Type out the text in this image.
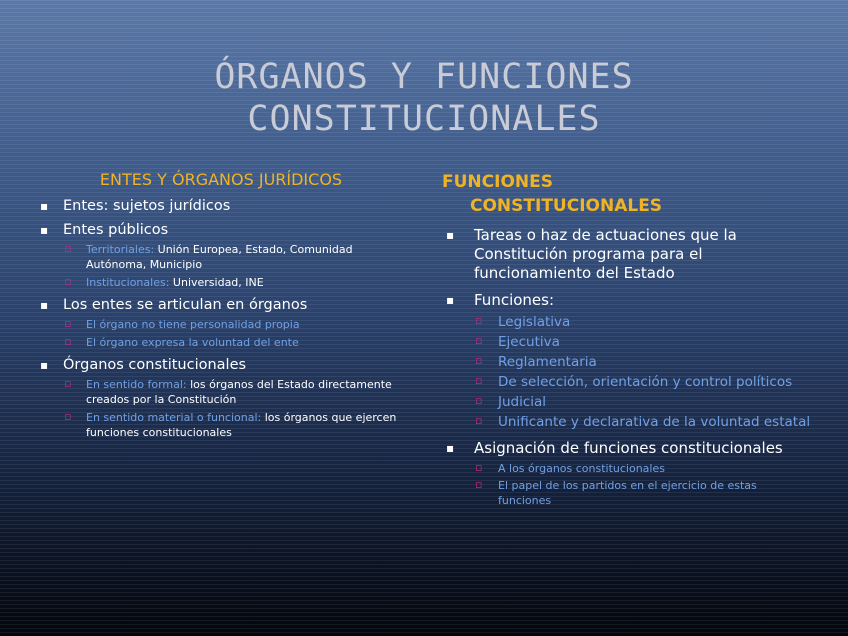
ÓRGANOS Y FUNCIONES
CONSTITUCIONALES
ENTES Y ÓRGANOS JURÍDICOS
▪ Entes: sujetos jurídicos
▪ Entes públicos
▫ Territoriales: Unión Europea, Estado, Comunidad Autónoma, Municipio
▫ Institucionales: Universidad, INE
▪ Los entes se articulan en órganos
▫ El órgano no tiene personalidad propia
▫ El órgano expresa la voluntad del ente
▪ Órganos constitucionales
▫ En sentido formal: los órganos del Estado directamente creados por la Constitución
▫ En sentido material o funcional: los órganos que ejercen funciones constitucionales
FUNCIONES
CONSTITUCIONALES
▪ Tareas o haz de actuaciones que la Constitución programa para el funcionamiento del Estado
▪ Funciones:
▫ Legislativa
▫ Ejecutiva
▫ Reglamentaria
▫ De selección, orientación y control políticos
▫ Judicial
▫ Unificante y declarativa de la voluntad estatal
▪ Asignación de funciones constitucionales
▫ A los órganos constitucionales
▫ El papel de los partidos en el ejercicio de estas funciones
